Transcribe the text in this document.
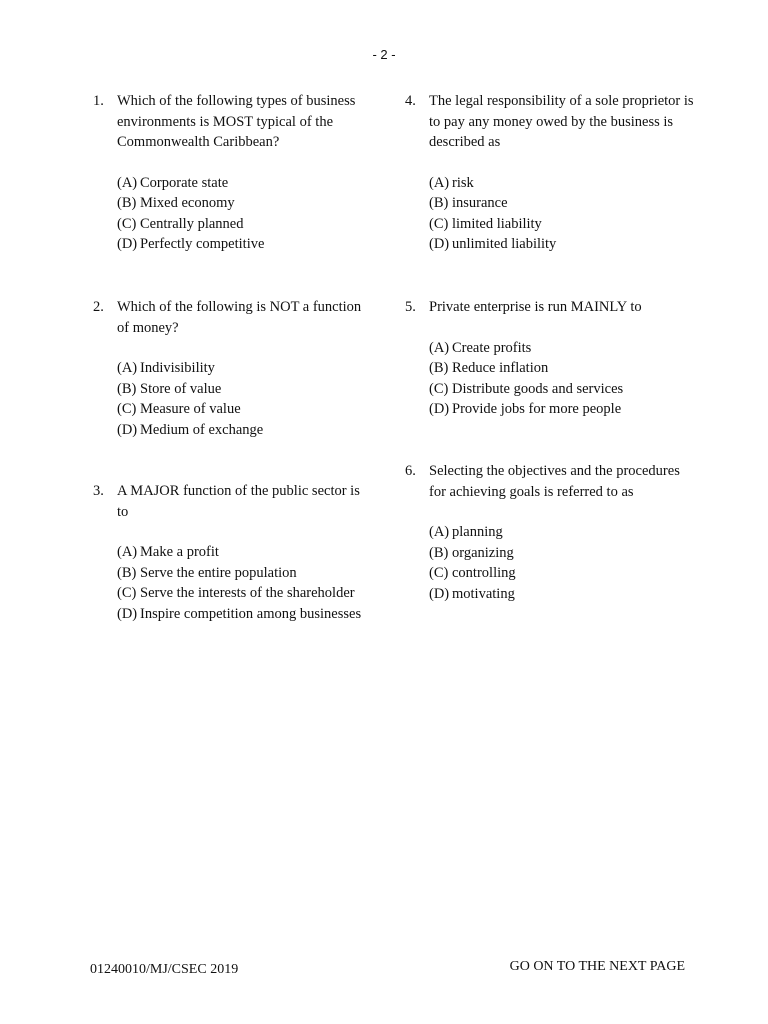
- 2 -
1. Which of the following types of business environments is MOST typical of the Commonwealth Caribbean?
(A) Corporate state
(B) Mixed economy
(C) Centrally planned
(D) Perfectly competitive
2. Which of the following is NOT a function of money?
(A) Indivisibility
(B) Store of value
(C) Measure of value
(D) Medium of exchange
3. A MAJOR function of the public sector is to
(A) Make a profit
(B) Serve the entire population
(C) Serve the interests of the shareholder
(D) Inspire competition among businesses
4. The legal responsibility of a sole proprietor is to pay any money owed by the business is described as
(A) risk
(B) insurance
(C) limited liability
(D) unlimited liability
5. Private enterprise is run MAINLY to
(A) Create profits
(B) Reduce inflation
(C) Distribute goods and services
(D) Provide jobs for more people
6. Selecting the objectives and the procedures for achieving goals is referred to as
(A) planning
(B) organizing
(C) controlling
(D) motivating
01240010/MJ/CSEC 2019	GO ON TO THE NEXT PAGE
